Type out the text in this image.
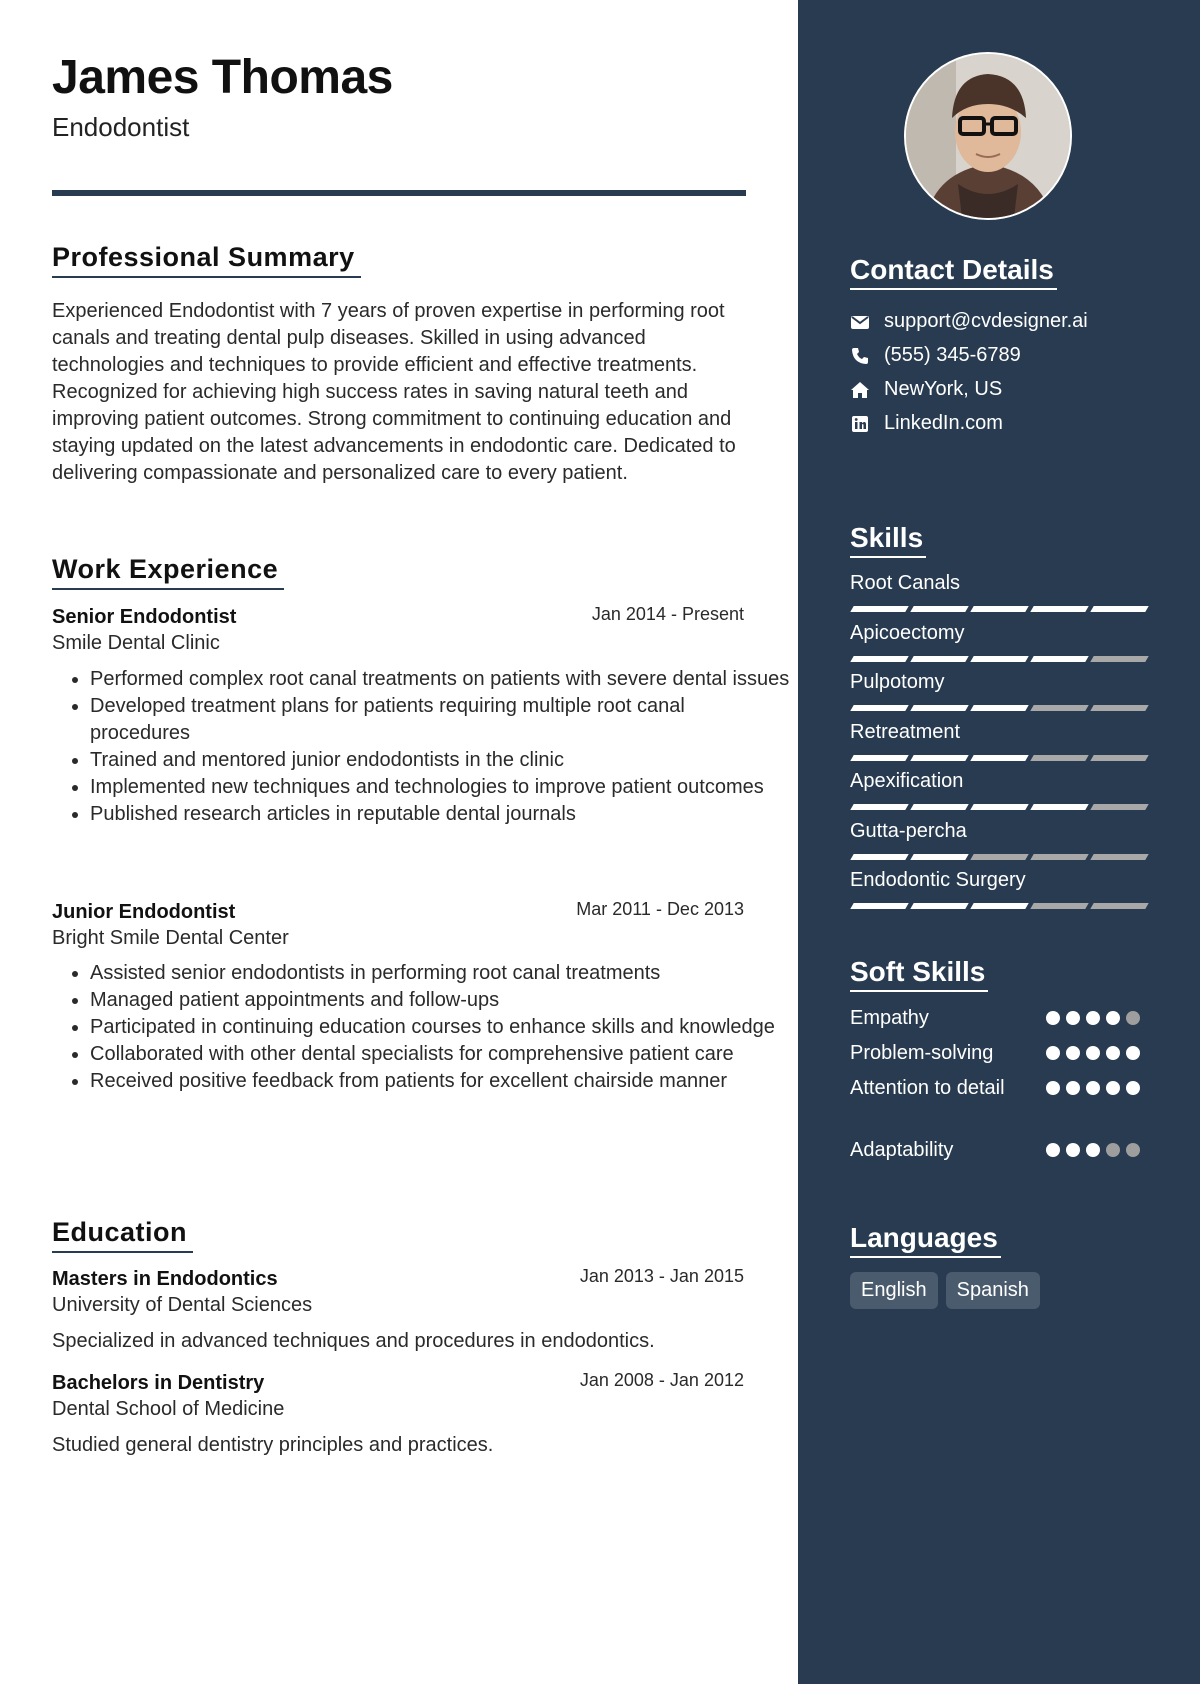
James Thomas
Endodontist
Professional Summary

Experienced Endodontist with 7 years of proven expertise in performing root canals and treating dental pulp diseases. Skilled in using advanced technologies and techniques to provide efficient and effective treatments. Recognized for achieving high success rates in saving natural teeth and improving patient outcomes. Strong commitment to continuing education and staying updated on the latest advancements in endodontic care. Dedicated to delivering compassionate and personalized care to every patient.

Work Experience
Senior Endodontist	Jan 2014 - Present
Smile Dental Clinic
• Performed complex root canal treatments on patients with severe dental issues
• Developed treatment plans for patients requiring multiple root canal procedures
• Trained and mentored junior endodontists in the clinic
• Implemented new techniques and technologies to improve patient outcomes
• Published research articles in reputable dental journals
Junior Endodontist	Mar 2011 - Dec 2013
Bright Smile Dental Center
• Assisted senior endodontists in performing root canal treatments
• Managed patient appointments and follow-ups
• Participated in continuing education courses to enhance skills and knowledge
• Collaborated with other dental specialists for comprehensive patient care
• Received positive feedback from patients for excellent chairside manner
Education
Masters in Endodontics	Jan 2013 - Jan 2015
University of Dental Sciences

Specialized in advanced techniques and procedures in endodontics.

Bachelors in Dentistry	Jan 2008 - Jan 2012
Dental School of Medicine

Studied general dentistry principles and practices.

Contact Details
support@cvdesigner.ai
(555) 345-6789
NewYork, US
LinkedIn.com
Skills
Root Canals
Apicoectomy
Pulpotomy
Retreatment
Apexification
Gutta-percha
Endodontic Surgery
Soft Skills
Empathy
Problem-solving
Attention to detail
Adaptability
Languages
English	Spanish
